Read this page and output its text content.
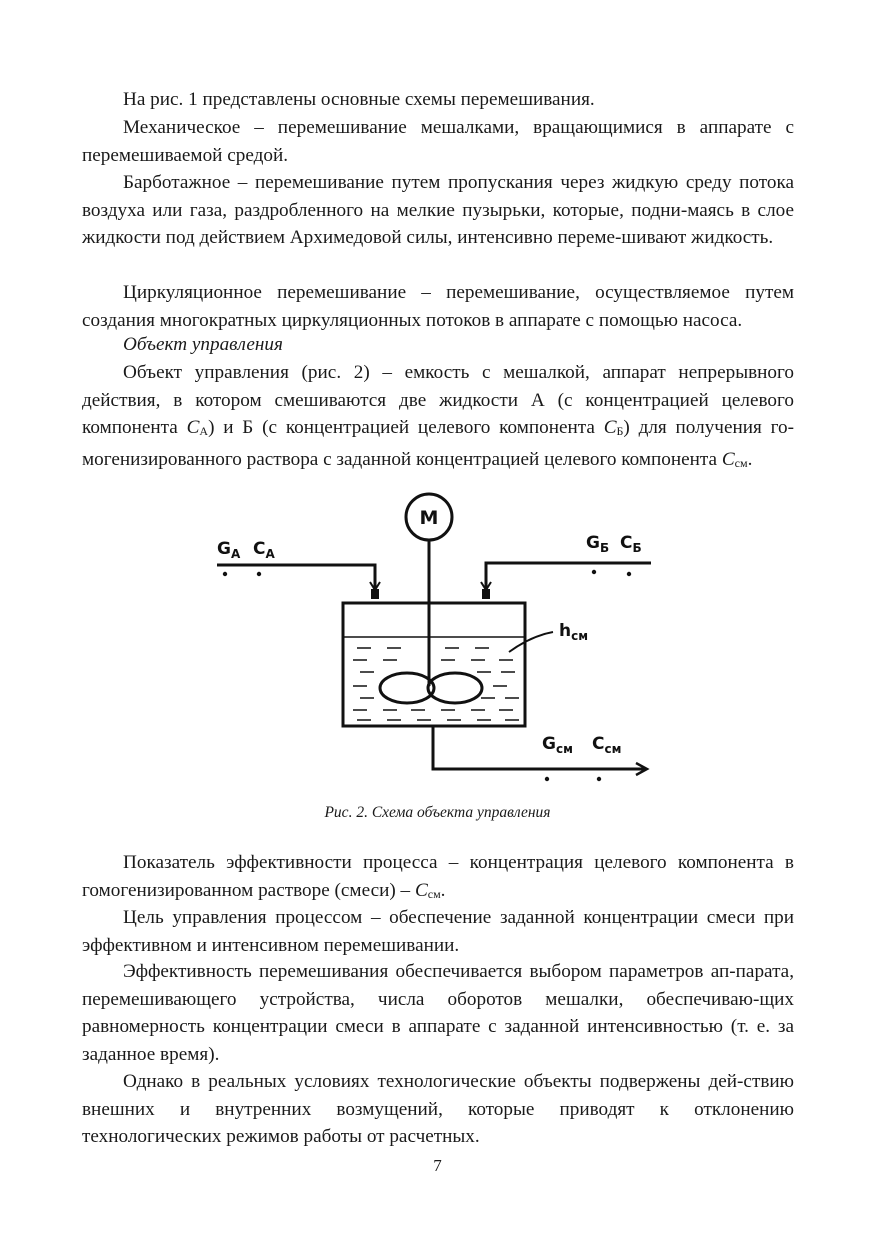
На рис. 1 представлены основные схемы перемешивания.

Механическое – перемешивание мешалками, вращающимися в аппарате с перемешиваемой средой.

Барботажное – перемешивание путем пропускания через жидкую среду потока воздуха или газа, раздробленного на мелкие пузырьки, которые, подни-маясь в слое жидкости под действием Архимедовой силы, интенсивно переме-шивают жидкость.

Циркуляционное перемешивание – перемешивание, осуществляемое путем создания многократных циркуляционных потоков в аппарате с помощью насоса.

Объект управления

Объект управления (рис. 2) – емкость с мешалкой, аппарат непрерывного действия, в котором смешиваются две жидкости А (с концентрацией целевого компонента $C_А$) и Б (с концентрацией целевого компонента $C_Б$) для получения го-могенизированного раствора с заданной концентрацией целевого компонента $C_{см}$.

М
$G_А$ $C_А$
$G_Б$ $C_Б$
$h_{см}$
$G_{см}$ $C_{см}$

Рис. 2. Схема объекта управления

Показатель эффективности процесса – концентрация целевого компонента в гомогенизированном растворе (смеси) – $C_{см}$.

Цель управления процессом – обеспечение заданной концентрации смеси при эффективном и интенсивном перемешивании.

Эффективность перемешивания обеспечивается выбором параметров ап-парата, перемешивающего устройства, числа оборотов мешалки, обеспечиваю-щих равномерность концентрации смеси в аппарате с заданной интенсивностью (т. е. за заданное время).

Однако в реальных условиях технологические объекты подвержены дей-ствию внешних и внутренних возмущений, которые приводят к отклонению технологических режимов работы от расчетных.

7
